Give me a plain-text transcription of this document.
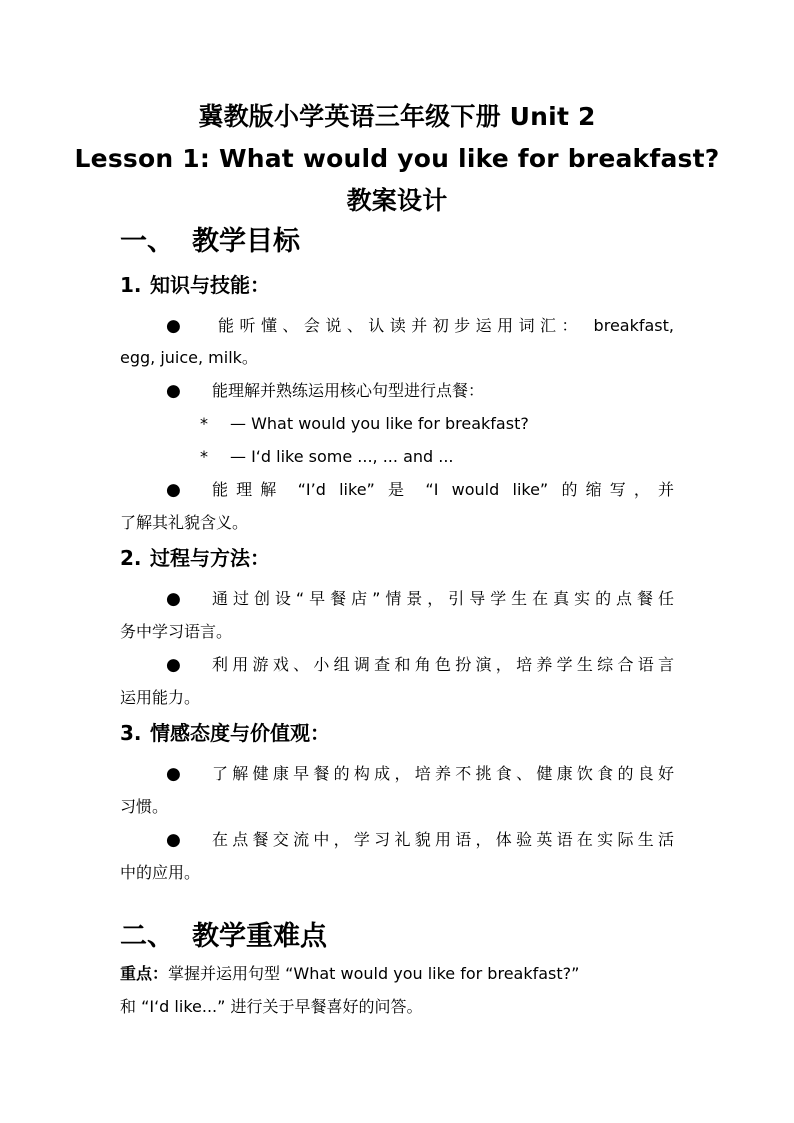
冀教版小学英语三年级下册 Unit 2
Lesson 1: What would you like for breakfast?
教案设计
一、 教学目标
1. 知识与技能：
● 能听懂、会说、认读并初步运用词汇： breakfast,
egg, juice, milk。
● 能理解并熟练运用核心句型进行点餐：
* — What would you like for breakfast?
* — I‘d like some ..., ... and ...
● 能理解 “I’d like” 是 “I would like” 的缩写，并
了解其礼貌含义。
2. 过程与方法：
● 通过创设“早餐店”情景，引导学生在真实的点餐任
务中学习语言。
● 利用游戏、小组调查和角色扮演，培养学生综合语言
运用能力。
3. 情感态度与价值观：
● 了解健康早餐的构成，培养不挑食、健康饮食的良好
习惯。
● 在点餐交流中，学习礼貌用语，体验英语在实际生活
中的应用。
二、 教学重难点
重点：掌握并运用句型 “What would you like for breakfast?”
和 “I‘d like...” 进行关于早餐喜好的问答。
